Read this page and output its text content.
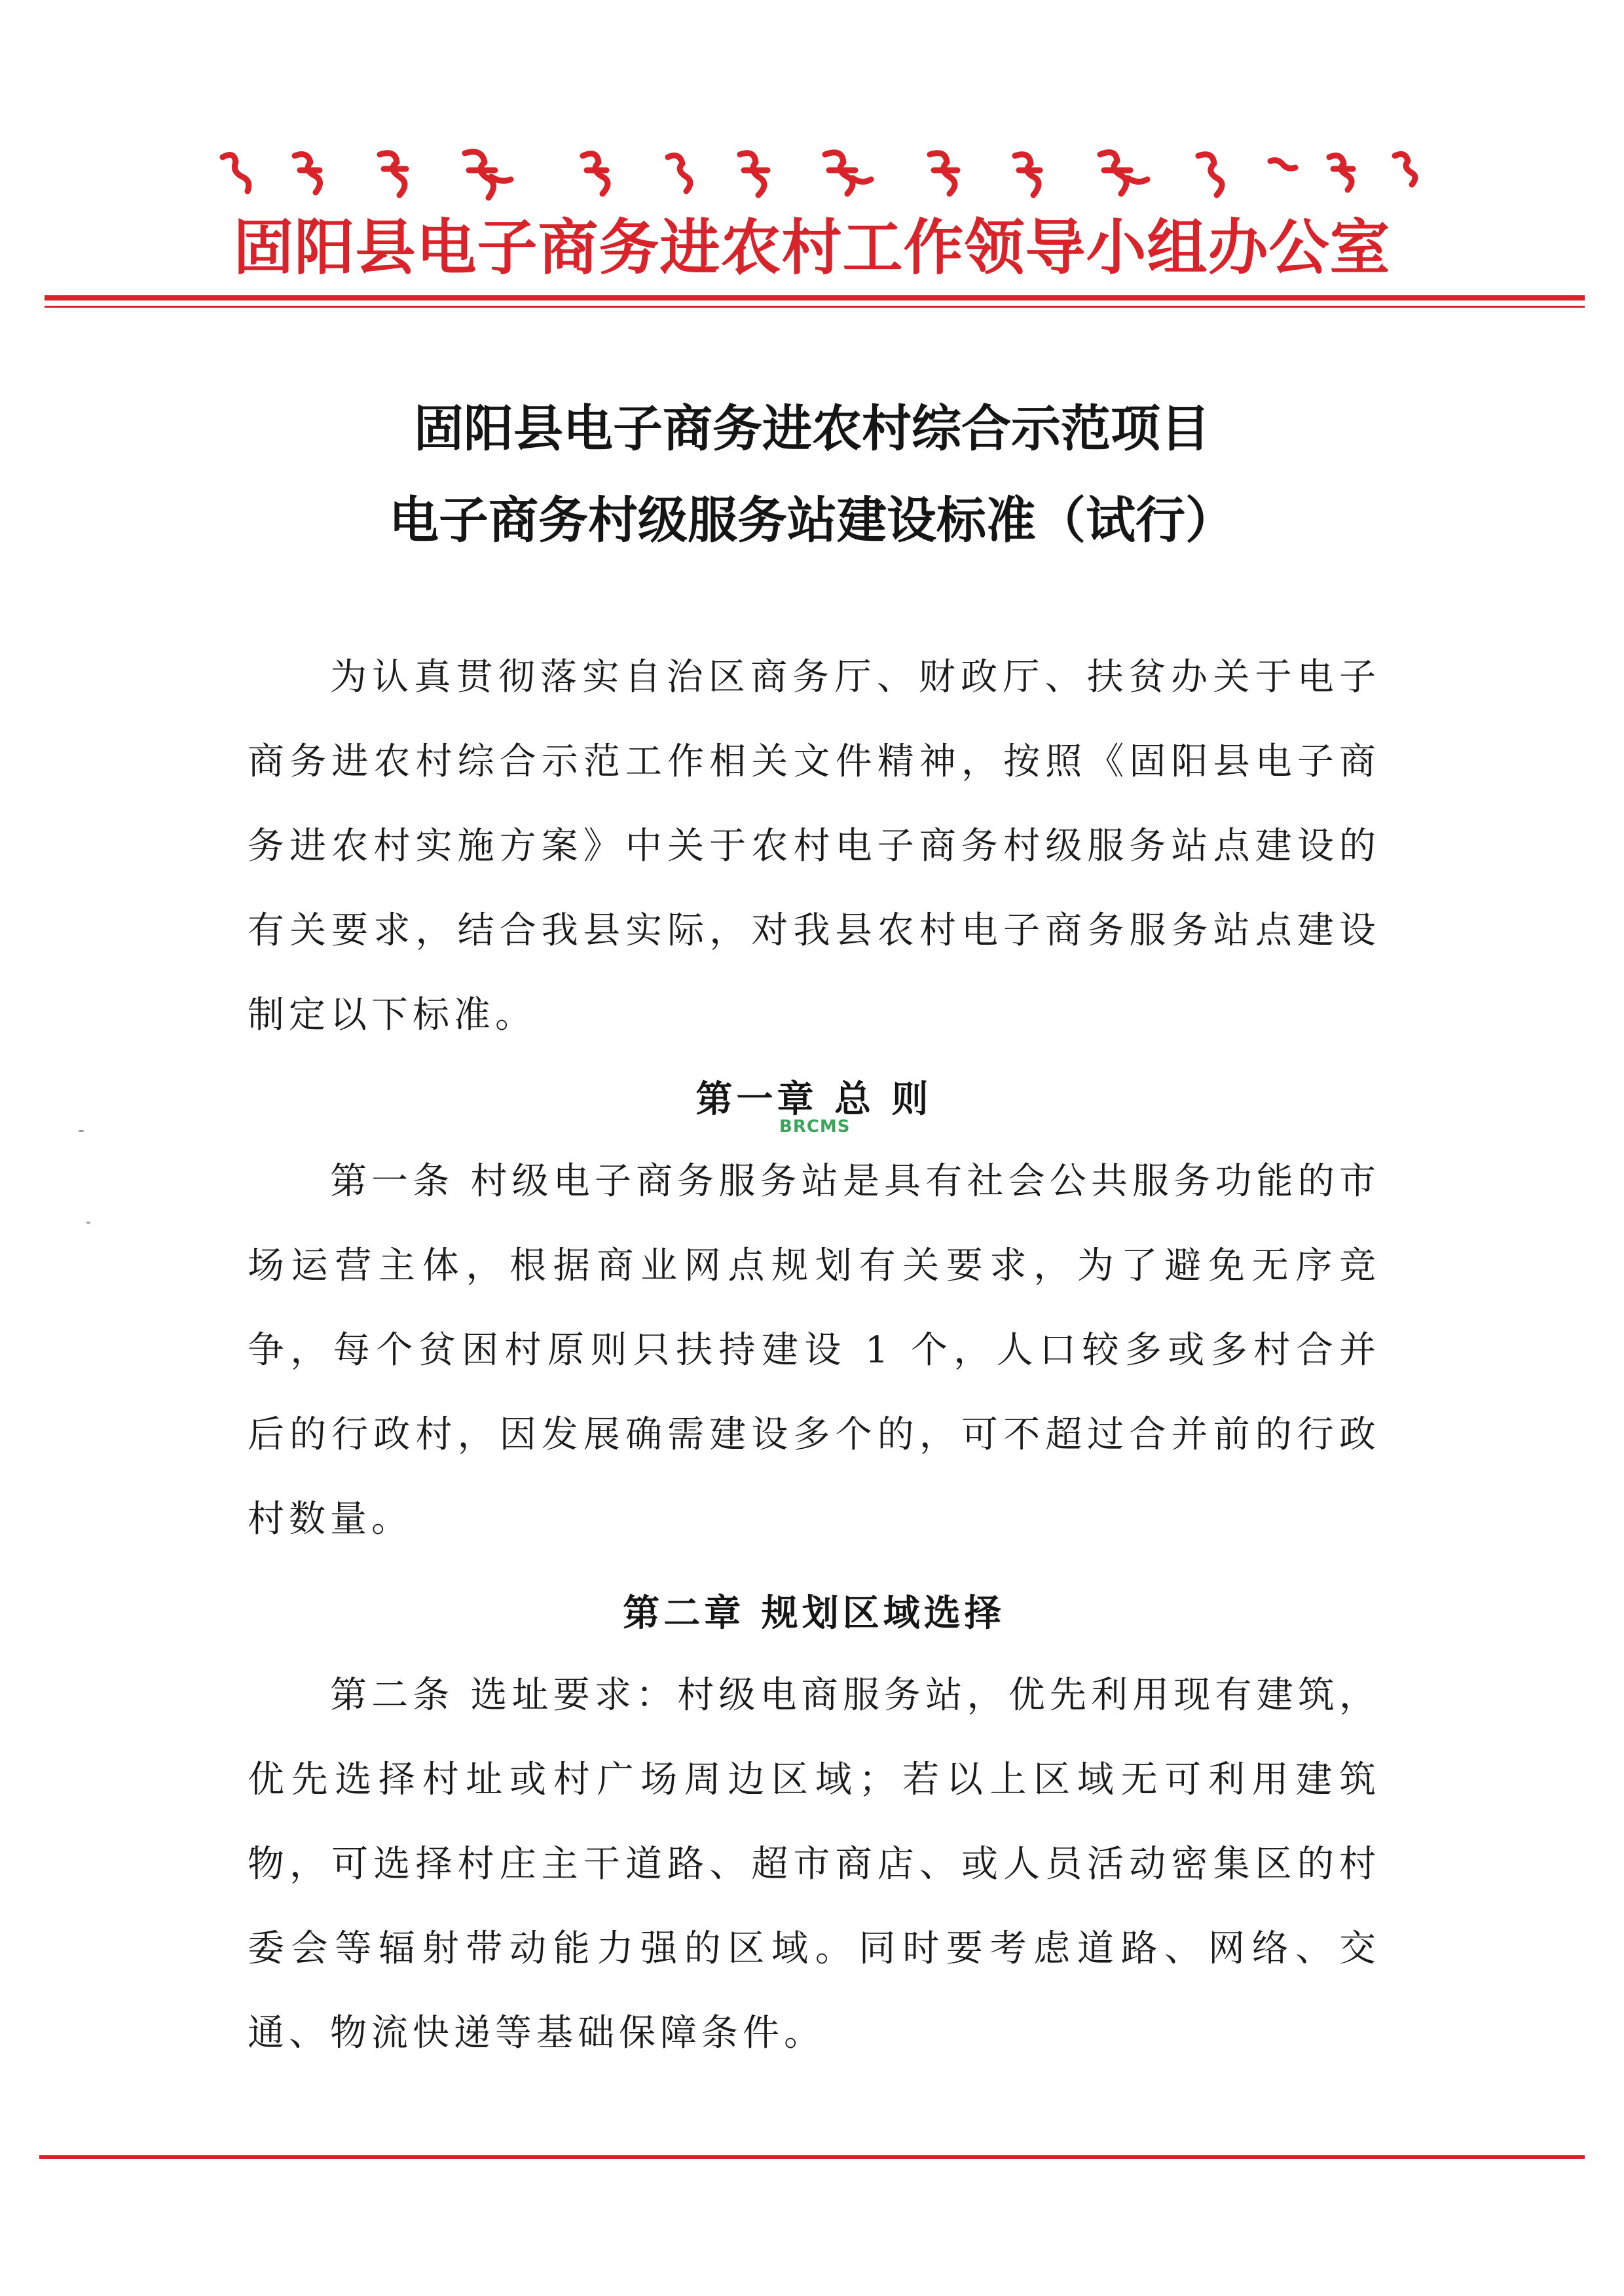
固阳县电子商务进农村工作领导小组办公室
固阳县电子商务进农村综合示范项目
电子商务村级服务站建设标准（试行）
为认真贯彻落实自治区商务厅、财政厅、扶贫办关于电子商务进农村综合示范工作相关文件精神，按照《固阳县电子商务进农村实施方案》中关于农村电子商务村级服务站点建设的有关要求，结合我县实际，对我县农村电子商务服务站点建设制定以下标准。
第一章 总 则
BRCMS
第一条 村级电子商务服务站是具有社会公共服务功能的市场运营主体，根据商业网点规划有关要求，为了避免无序竞争，每个贫困村原则只扶持建设 1 个，人口较多或多村合并后的行政村，因发展确需建设多个的，可不超过合并前的行政村数量。
第二章 规划区域选择
第二条 选址要求：村级电商服务站，优先利用现有建筑，优先选择村址或村广场周边区域；若以上区域无可利用建筑物，可选择村庄主干道路、超市商店、或人员活动密集区的村委会等辐射带动能力强的区域。同时要考虑道路、网络、交通、物流快递等基础保障条件。
